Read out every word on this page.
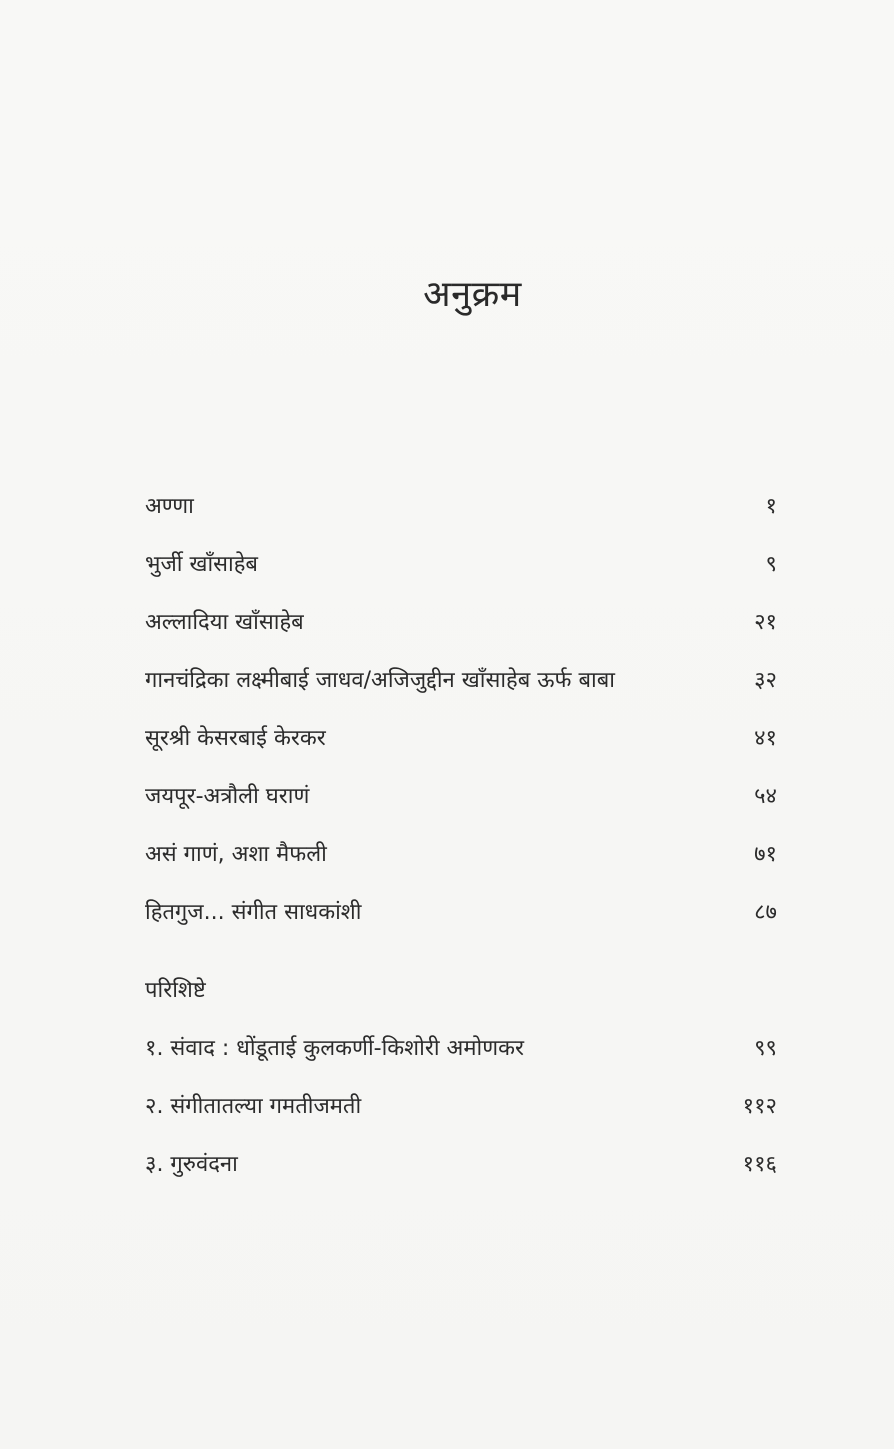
अनुक्रम
अण्णा	१
भुर्जी खाँसाहेब	९
अल्लादिया खाँसाहेब	२१
गानचंद्रिका लक्ष्मीबाई जाधव/अजिजुद्दीन खाँसाहेब ऊर्फ बाबा	३२
सूरश्री केसरबाई केरकर	४१
जयपूर-अत्रौली घराणं	५४
असं गाणं, अशा मैफली	७१
हितगुज... संगीत साधकांशी	८७
परिशिष्टे
१. संवाद : धोंडूताई कुलकर्णी-किशोरी अमोणकर	९९
२. संगीतातल्या गमतीजमती	११२
३. गुरुवंदना	११६
